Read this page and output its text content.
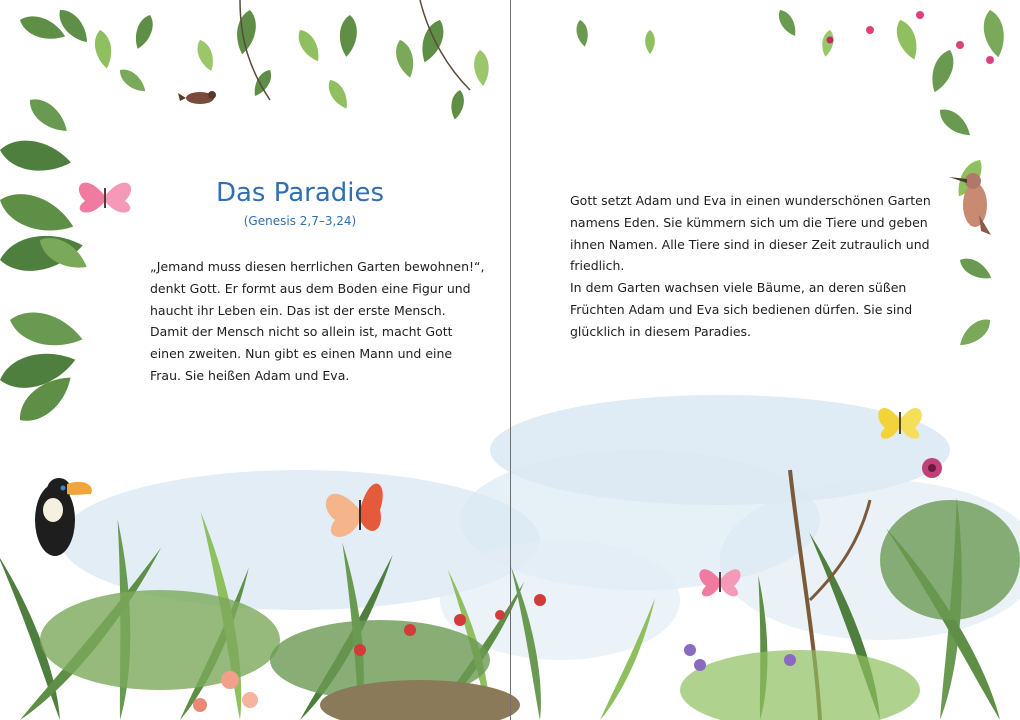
Das Paradies
(Genesis 2,7–3,24)
„Jemand muss diesen herrlichen Garten bewohnen!“,
denkt Gott. Er formt aus dem Boden eine Figur und
haucht ihr Leben ein. Das ist der erste Mensch.
Damit der Mensch nicht so allein ist, macht Gott
einen zweiten. Nun gibt es einen Mann und eine
Frau. Sie heißen Adam und Eva.
Gott setzt Adam und Eva in einen wunderschönen Garten
namens Eden. Sie kümmern sich um die Tiere und geben
ihnen Namen. Alle Tiere sind in dieser Zeit zutraulich und
friedlich.
In dem Garten wachsen viele Bäume, an deren süßen
Früchten Adam und Eva sich bedienen dürfen. Sie sind
glücklich in diesem Paradies.
